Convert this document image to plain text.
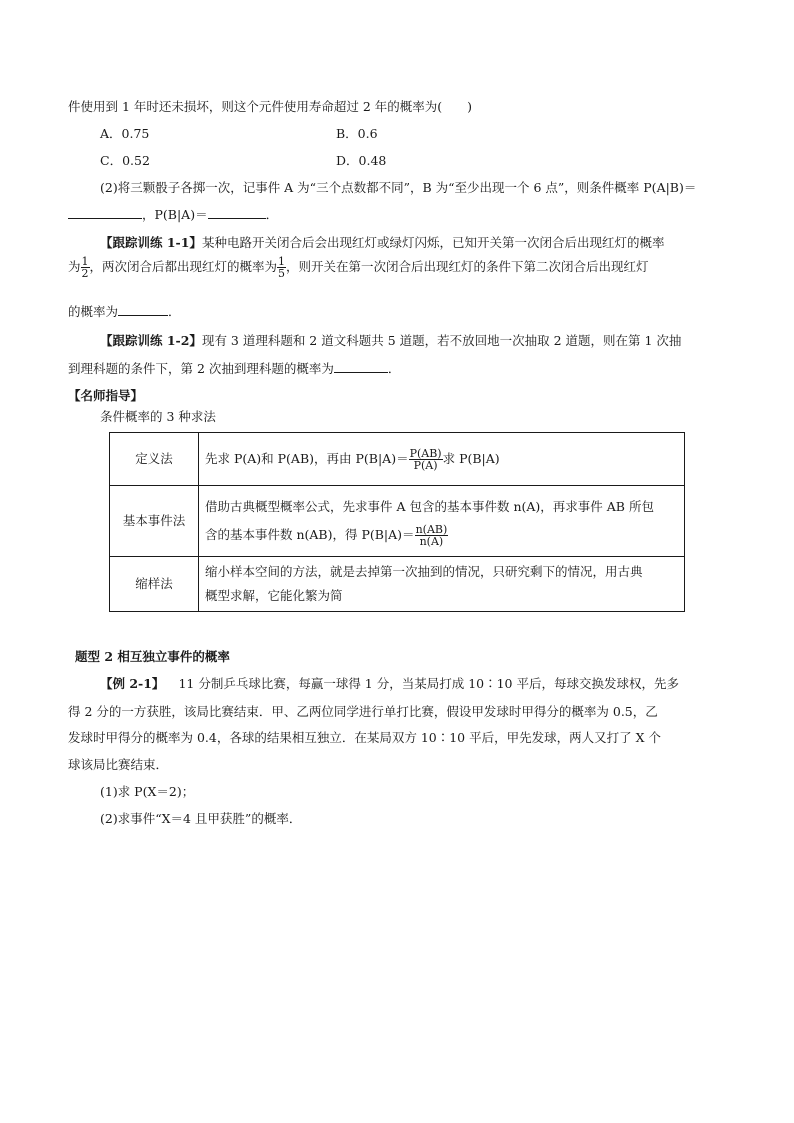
件使用到 1 年时还未损坏，则这个元件使用寿命超过 2 年的概率为(　　)
A．0.75	B．0.6
C．0.52	D．0.48
(2)将三颗骰子各掷一次，记事件 A 为“三个点数都不同”，B 为“至少出现一个 6 点”，则条件概率 P(A|B)＝
，P(B|A)＝	．
【跟踪训练 1-1】某种电路开关闭合后会出现红灯或绿灯闪烁，已知开关第一次闭合后出现红灯的概率
为 $\frac{1}{2}$ ，两次闭合后都出现红灯的概率为 $\frac{1}{5}$ ，则开关在第一次闭合后出现红灯的条件下第二次闭合后出现红灯
的概率为	．
【跟踪训练 1-2】现有 3 道理科题和 2 道文科题共 5 道题，若不放回地一次抽取 2 道题，则在第 1 次抽
到理科题的条件下，第 2 次抽到理科题的概率为	．
【名师指导】
条件概率的 3 种求法
定义法	先求 P(A)和 P(AB)，再由 $P(B|A)= \frac{P(AB)}{P(A)}$ 求 P(B|A)
基本事件法	借助古典概型概率公式，先求事件 A 包含的基本事件数 n(A)，再求事件 AB 所包
含的基本事件数 n(AB)，得 $P(B|A)= \frac{n(AB)}{n(A)}$

缩样法	缩小样本空间的方法，就是去掉第一次抽到的情况，只研究剩下的情况，用古典
概型求解，它能化繁为简
题型 2 相互独立事件的概率
【例 2-1】 11 分制乒乓球比赛，每赢一球得 1 分，当某局打成 10∶10 平后，每球交换发球权，先多
得 2 分的一方获胜，该局比赛结束．甲、乙两位同学进行单打比赛，假设甲发球时甲得分的概率为 0.5，乙
发球时甲得分的概率为 0.4，各球的结果相互独立．在某局双方 10∶10 平后，甲先发球，两人又打了 X 个
球该局比赛结束．
(1)求 P(X＝2)；
(2)求事件“X＝4 且甲获胜”的概率．
